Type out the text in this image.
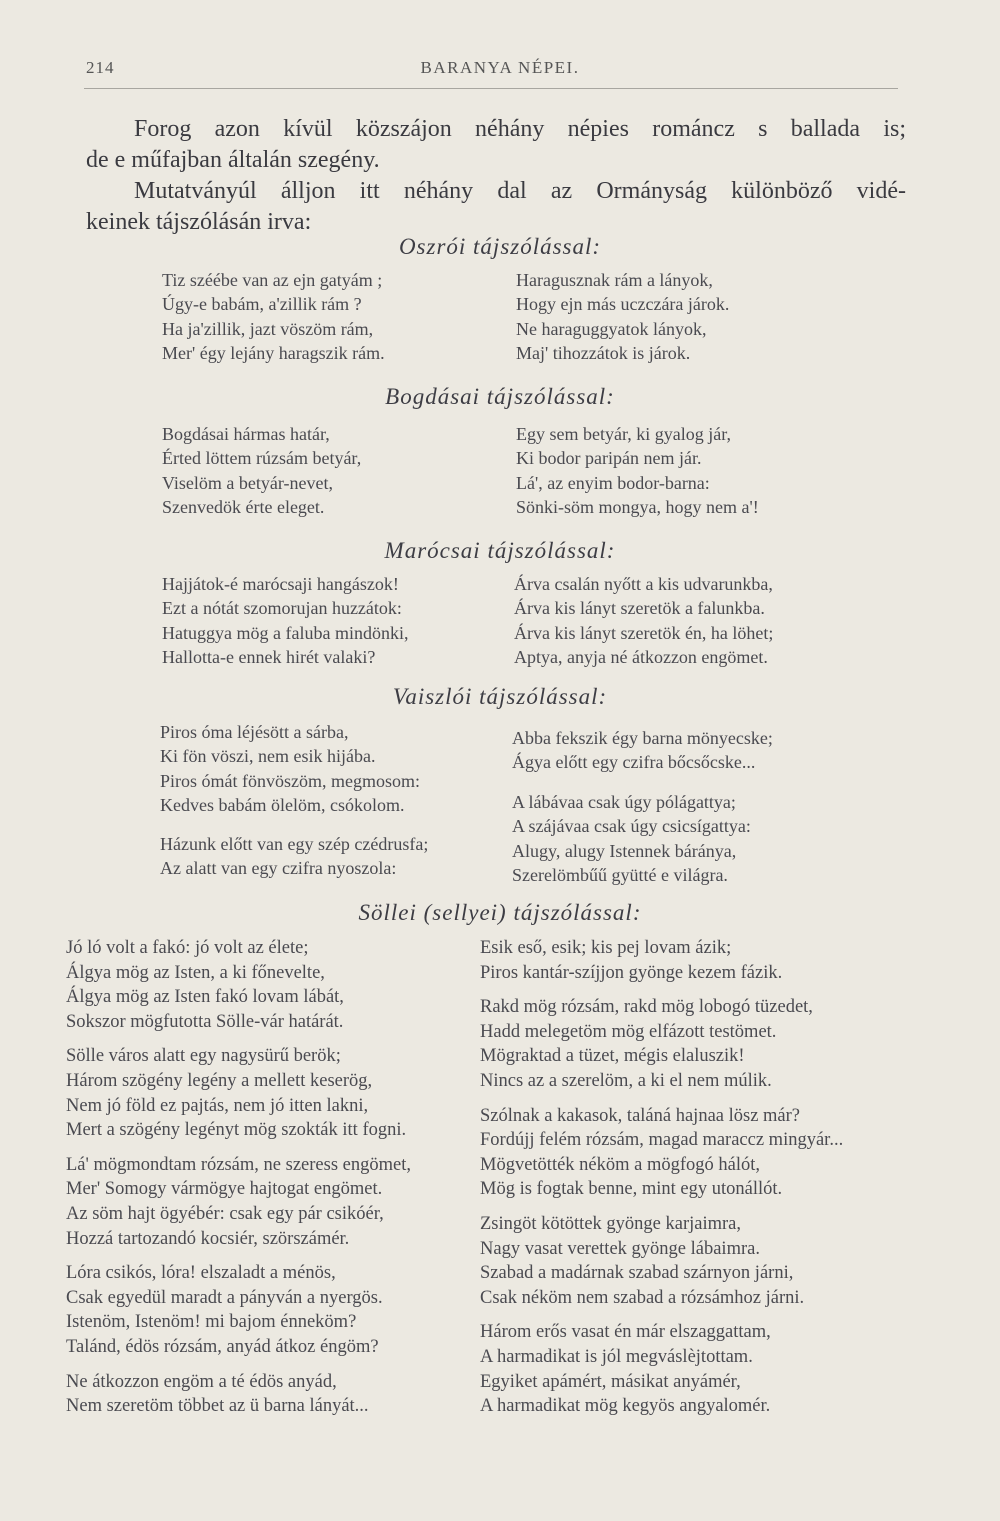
214	BARANYA NÉPEI.

Forog azon kívül közszájon néhány népies románcz s ballada is;

de e műfajban általán szegény.

Mutatványúl álljon itt néhány dal az Ormányság különböző vidé-

keinek tájszólásán irva:

Oszrói tájszólással:
Tiz széébe van az ejn gatyám ;
Úgy-e babám, a'zillik rám ?
Ha ja'zillik, jazt vöszöm rám,
Mer' égy lejány haragszik rám.
Haragusznak rám a lányok,
Hogy ejn más uczczára járok.
Ne haraguggyatok lányok,
Maj' tihozzátok is járok.
Bogdásai tájszólással:
Bogdásai hármas határ,
Érted löttem rúzsám betyár,
Viselöm a betyár-nevet,
Szenvedök érte eleget.
Egy sem betyár, ki gyalog jár,
Ki bodor paripán nem jár.
Lá', az enyim bodor-barna:
Sönki-söm mongya, hogy nem a'!
Marócsai tájszólással:
Hajjátok-é marócsaji hangászok!
Ezt a nótát szomorujan huzzátok:
Hatuggya mög a faluba mindönki,
Hallotta-e ennek hirét valaki?
Árva csalán nyőtt a kis udvarunkba,
Árva kis lányt szeretök a falunkba.
Árva kis lányt szeretök én, ha löhet;
Aptya, anyja né átkozzon engömet.
Vaiszlói tájszólással:
Piros óma léjésött a sárba,
Ki fön vöszi, nem esik hijába.
Piros ómát fönvöszöm, megmosom:
Kedves babám ölelöm, csókolom.
Házunk előtt van egy szép czédrusfa;
Az alatt van egy czifra nyoszola:
Abba fekszik égy barna mönyecske;
Ágya előtt egy czifra bőcsőcske...
A lábávaa csak úgy pólágattya;
A szájávaa csak úgy csicsígattya:
Alugy, alugy Istennek báránya,
Szerelömbűű gyütté e világra.
Söllei (sellyei) tájszólással:
Jó ló volt a fakó: jó volt az élete;
Álgya mög az Isten, a ki főnevelte,
Álgya mög az Isten fakó lovam lábát,
Sokszor mögfutotta Sölle-vár határát.
Sölle város alatt egy nagysürű berök;
Három szögény legény a mellett keserög,
Nem jó föld ez pajtás, nem jó itten lakni,
Mert a szögény legényt mög szokták itt fogni.
Lá' mögmondtam rózsám, ne szeress engömet,
Mer' Somogy vármögye hajtogat engömet.
Az söm hajt ögyébér: csak egy pár csikóér,
Hozzá tartozandó kocsiér, szörszámér.
Lóra csikós, lóra! elszaladt a ménös,
Csak egyedül maradt a pányván a nyergös.
Istenöm, Istenöm! mi bajom énneköm?
Talánd, édös rózsám, anyád átkoz éngöm?
Ne átkozzon engöm a té édös anyád,
Nem szeretöm többet az ü barna lányát...
Esik eső, esik; kis pej lovam ázik;
Piros kantár-szíjjon gyönge kezem fázik.
Rakd mög rózsám, rakd mög lobogó tüzedet,
Hadd melegetöm mög elfázott testömet.
Mögraktad a tüzet, mégis elaluszik!
Nincs az a szerelöm, a ki el nem múlik.
Szólnak a kakasok, taláná hajnaa lösz már?
Fordújj felém rózsám, magad maraccz mingyár...
Mögvetötték néköm a mögfogó hálót,
Mög is fogtak benne, mint egy utonállót.
Zsingöt kötöttek gyönge karjaimra,
Nagy vasat verettek gyönge lábaimra.
Szabad a madárnak szabad szárnyon járni,
Csak néköm nem szabad a rózsámhoz járni.
Három erős vasat én már elszaggattam,
A harmadikat is jól megváslèjtottam.
Egyiket apámért, másikat anyámér,
A harmadikat mög kegyös angyalomér.
